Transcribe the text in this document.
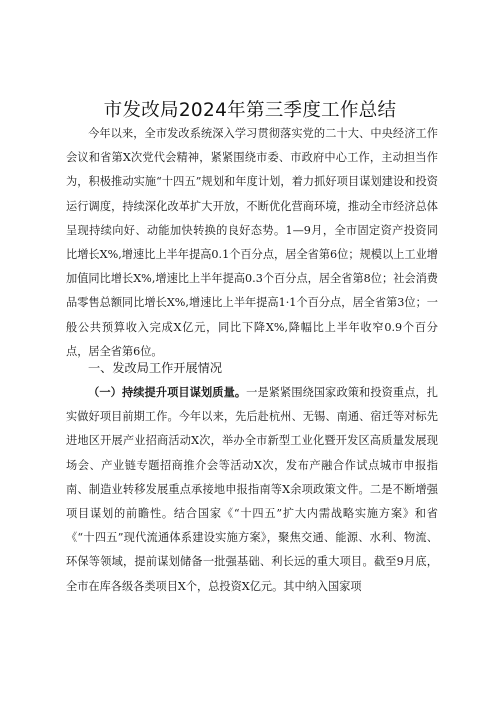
市发改局2024年第三季度工作总结
今年以来，全市发改系统深入学习贯彻落实党的二十大、中央经济工作会议和省第X次党代会精神，紧紧围绕市委、市政府中心工作，主动担当作为，积极推动实施“十四五”规划和年度计划，着力抓好项目谋划建设和投资运行调度，持续深化改革扩大开放，不断优化营商环境，推动全市经济总体呈现持续向好、动能加快转换的良好态势。1—9月，全市固定资产投资同比增长X%,增速比上半年提高0.1个百分点，居全省第6位；规模以上工业增加值同比增长X%,增速比上半年提高0.3个百分点，居全省第8位；社会消费品零售总额同比增长X%,增速比上半年提高1·1个百分点，居全省第3位；一般公共预算收入完成X亿元，同比下降X%,降幅比上半年收窄0.9个百分点，居全省第6位。
一、发改局工作开展情况
（一）持续提升项目谋划质量。一是紧紧围绕国家政策和投资重点，扎实做好项目前期工作。今年以来，先后赴杭州、无锡、南通、宿迁等对标先进地区开展产业招商活动X次，举办全市新型工业化暨开发区高质量发展现场会、产业链专题招商推介会等活动X次，发布产融合作试点城市申报指南、制造业转移发展重点承接地申报指南等X余项政策文件。二是不断增强项目谋划的前瞻性。结合国家《“十四五”扩大内需战略实施方案》和省《“十四五”现代流通体系建设实施方案》，聚焦交通、能源、水利、物流、环保等领域，提前谋划储备一批强基础、利长远的重大项目。截至9月底，全市在库各级各类项目X个，总投资X亿元。其中纳入国家项
